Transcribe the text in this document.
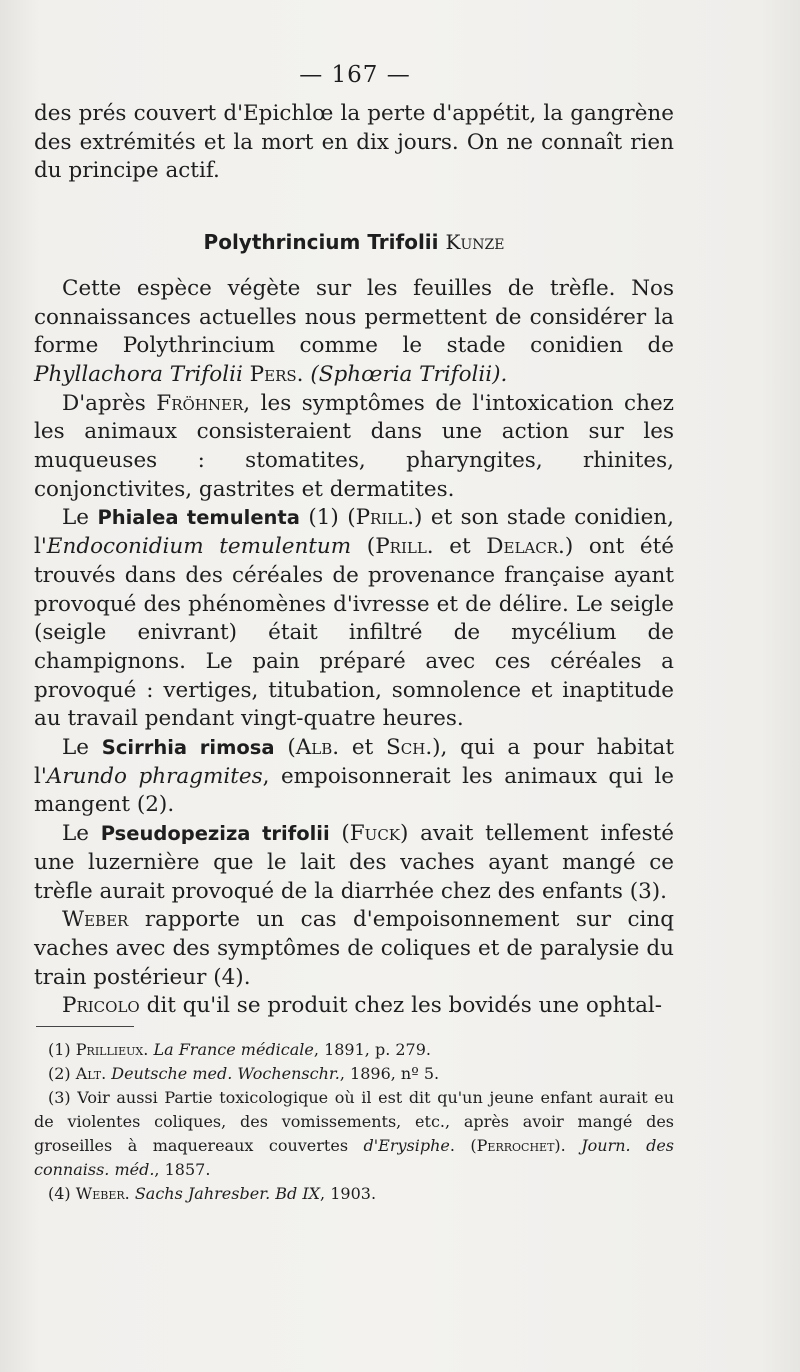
— 167 —

des prés couvert d'Epichlœ la perte d'appétit, la gangrène des extrémités et la mort en dix jours. On ne connaît rien du principe actif.

Polythrincium Trifolii Kunze

Cette espèce végète sur les feuilles de trèfle. Nos connaissances actuelles nous permettent de considérer la forme Polythrincium comme le stade conidien de Phyllachora Trifolii Pers. (Sphœria Trifolii).

D'après Fröhner, les symptômes de l'intoxication chez les animaux consisteraient dans une action sur les muqueuses : stomatites, pharyngites, rhinites, conjonctivites, gastrites et dermatites.

Le Phialea temulenta (1) (Prill.) et son stade conidien, l'Endoconidium temulentum (Prill. et Delacr.) ont été trouvés dans des céréales de provenance française ayant provoqué des phénomènes d'ivresse et de délire. Le seigle (seigle enivrant) était infiltré de mycélium de champignons. Le pain préparé avec ces céréales a provoqué : vertiges, titubation, somnolence et inaptitude au travail pendant vingt-quatre heures.

Le Scirrhia rimosa (Alb. et Sch.), qui a pour habitat l'Arundo phragmites, empoisonnerait les animaux qui le mangent (2).

Le Pseudopeziza trifolii (Fuck) avait tellement infesté une luzernière que le lait des vaches ayant mangé ce trèfle aurait provoqué de la diarrhée chez des enfants (3).

Weber rapporte un cas d'empoisonnement sur cinq vaches avec des symptômes de coliques et de paralysie du train postérieur (4).

Pricolo dit qu'il se produit chez les bovidés une ophtal-

(1) Prillieux. La France médicale, 1891, p. 279.

(2) Alt. Deutsche med. Wochenschr., 1896, nº 5.

(3) Voir aussi Partie toxicologique où il est dit qu'un jeune enfant aurait eu de violentes coliques, des vomissements, etc., après avoir mangé des groseilles à maquereaux couvertes d'Erysiphe. (Perrochet). Journ. des connaiss. méd., 1857.

(4) Weber. Sachs Jahresber. Bd IX, 1903.
